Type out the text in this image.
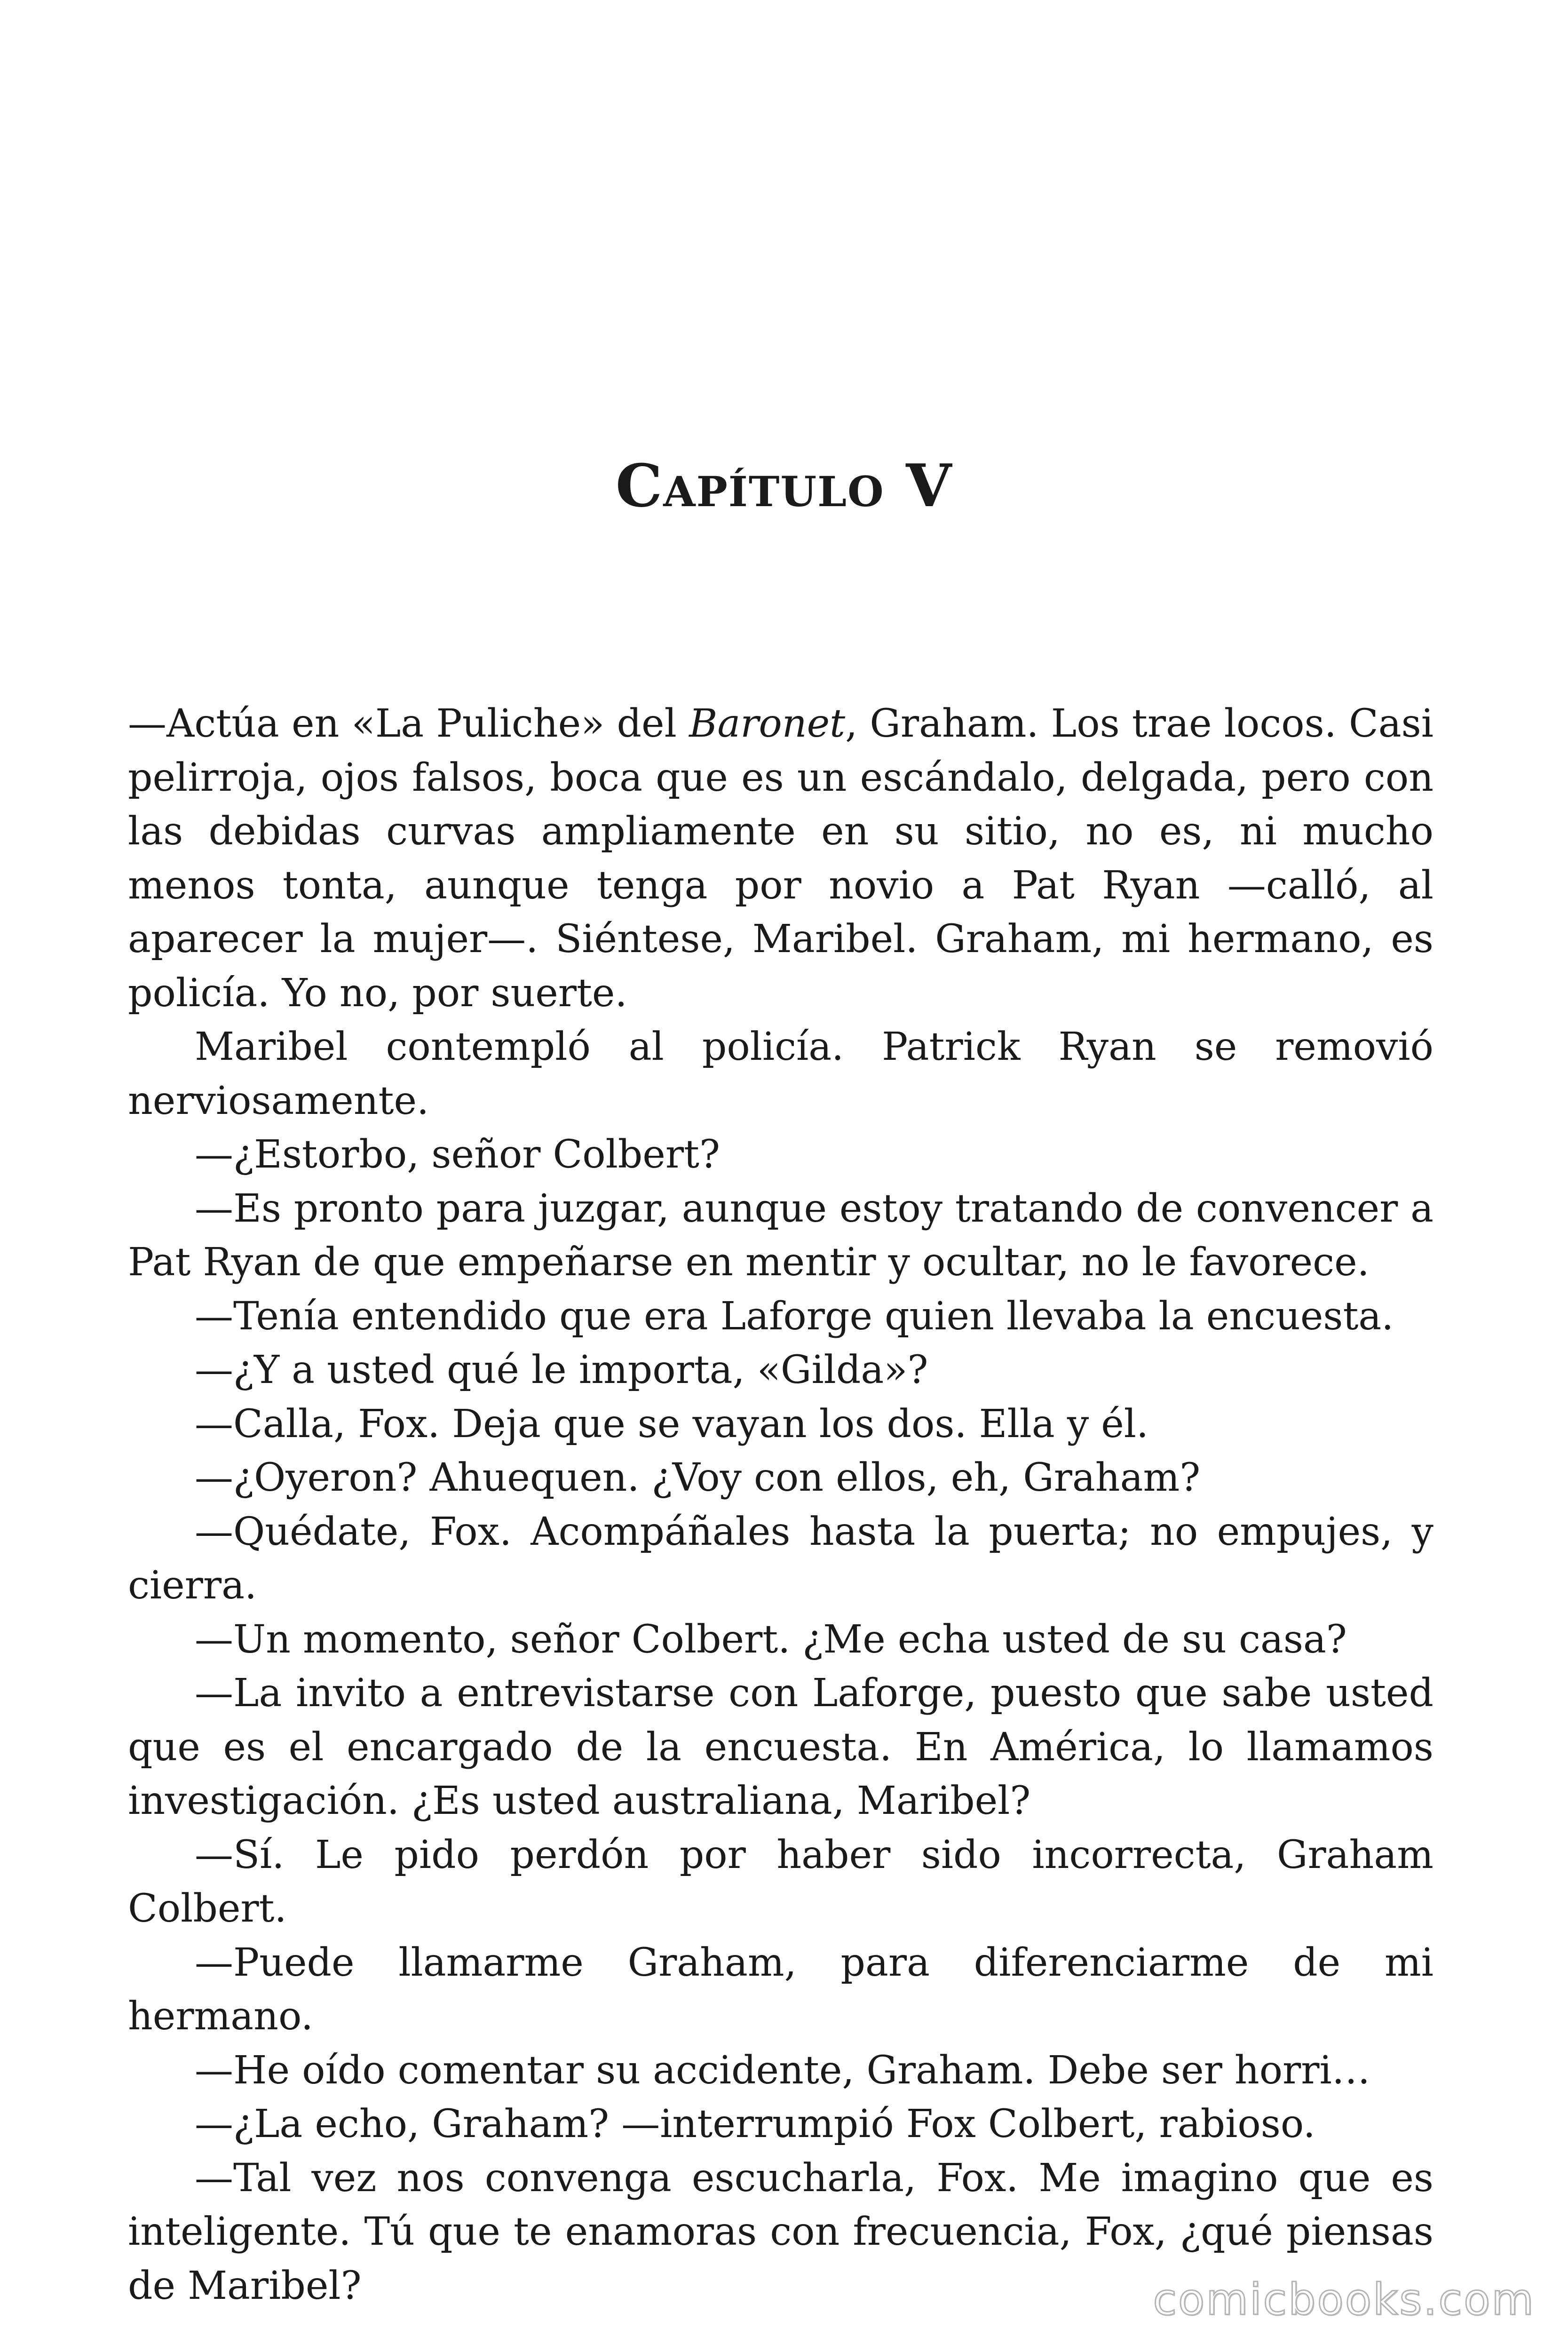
Capítulo V

—Actúa en «La Puliche» del Baronet, Graham. Los trae locos. Casi pelirroja, ojos falsos, boca que es un escándalo, delgada, pero con las debidas curvas ampliamente en su sitio, no es, ni mucho menos tonta, aunque tenga por novio a Pat Ryan —calló, al aparecer la mujer—. Siéntese, Maribel. Graham, mi hermano, es policía. Yo no, por suerte.

Maribel contempló al policía. Patrick Ryan se removió nerviosamente.

—¿Estorbo, señor Colbert?

—Es pronto para juzgar, aunque estoy tratando de convencer a Pat Ryan de que empeñarse en mentir y ocultar, no le favorece.

—Tenía entendido que era Laforge quien llevaba la encuesta.

—¿Y a usted qué le importa, «Gilda»?

—Calla, Fox. Deja que se vayan los dos. Ella y él.

—¿Oyeron? Ahuequen. ¿Voy con ellos, eh, Graham?

—Quédate, Fox. Acompáñales hasta la puerta; no empujes, y cierra.

—Un momento, señor Colbert. ¿Me echa usted de su casa?

—La invito a entrevistarse con Laforge, puesto que sabe usted que es el encargado de la encuesta. En América, lo llamamos investigación. ¿Es usted australiana, Maribel?

—Sí. Le pido perdón por haber sido incorrecta, Graham Colbert.

—Puede llamarme Graham, para diferenciarme de mi hermano.

—He oído comentar su accidente, Graham. Debe ser horri…

—¿La echo, Graham? —interrumpió Fox Colbert, rabioso.

—Tal vez nos convenga escucharla, Fox. Me imagino que es inteligente. Tú que te enamoras con frecuencia, Fox, ¿qué piensas de Maribel?	comicbooks.com
